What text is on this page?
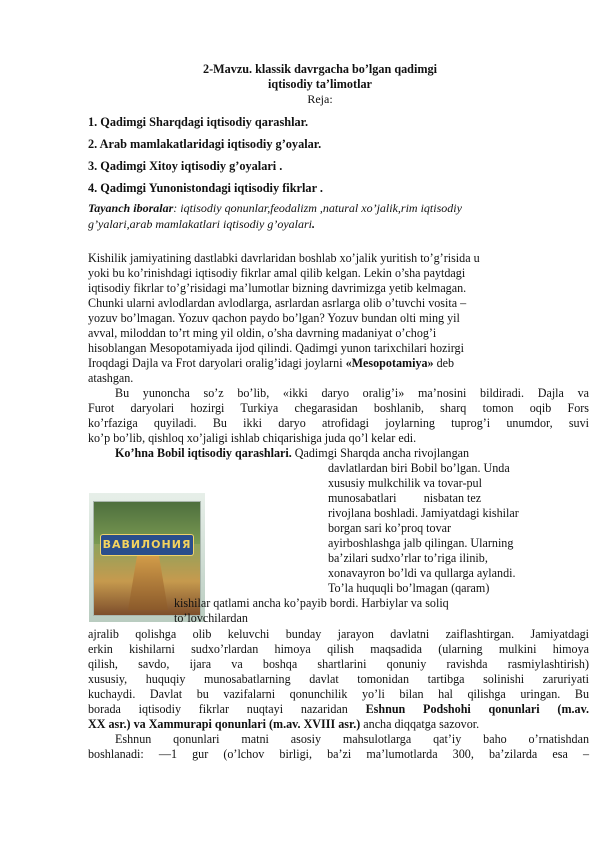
2-Mavzu. klassik davrgacha bo’lgan qadimgi
iqtisodiy ta’limotlar
Reja:
1. Qadimgi Sharqdagi iqtisodiy qarashlar.
2. Arab mamlakatlaridagi iqtisodiy g’oyalar.
3. Qadimgi Xitoy iqtisodiy g’oyalari .
4. Qadimgi Yunonistondagi iqtisodiy fikrlar .
Tayanch iboralar: iqtisodiy qonunlar,feodalizm ,natural xo’jalik,rim iqtisodiy
g’yalari,arab mamlakatlari iqtisodiy g’oyalari.
Kishilik jamiyatining dastlabki davrlaridan boshlab xo’jalik yuritish to’g’risida u
yoki bu ko’rinishdagi iqtisodiy fikrlar amal qilib kelgan. Lekin o’sha paytdagi
iqtisodiy fikrlar to’g’risidagi ma’lumotlar bizning davrimizga yetib kelmagan.
Chunki ularni avlodlardan avlodlarga, asrlardan asrlarga olib o’tuvchi vosita –
yozuv bo’lmagan. Yozuv qachon paydo bo’lgan? Yozuv bundan olti ming yil
avval, miloddan to’rt ming yil oldin, o’sha davrning madaniyat o’chog’i
hisoblangan Mesopotamiyada ijod qilindi. Qadimgi yunon tarixchilari hozirgi
Iroqdagi Dajla va Frot daryolari oralig’idagi joylarni «Mesopotamiya» deb
atashgan.
Bu yunoncha so’z bo’lib, «ikki daryo oralig’i» ma’nosini bildiradi. Dajla va
Furot daryolari hozirgi Turkiya chegarasidan boshlanib, sharq tomon oqib Fors
ko’rfaziga quyiladi. Bu ikki daryo atrofidagi joylarning tuprog’i unumdor, suvi
ko’p bo’lib, qishloq xo’jaligi ishlab chiqarishiga juda qo’l kelar edi.
Ko’hna Bobil iqtisodiy qarashlari. Qadimgi Sharqda ancha rivojlangan
ВАВИЛОНИЯ
davlatlardan biri Bobil bo’lgan. Unda
xususiy mulkchilik va tovar-pul
munosabatlari         nisbatan tez
rivojlana boshladi. Jamiyatdagi kishilar
borgan sari ko’proq tovar
ayirboshlashga jalb qilingan. Ularning
ba’zilari sudxo’rlar to’riga ilinib,
xonavayron bo’ldi va qullarga aylandi.
To’la huquqli bo’lmagan (qaram)
kishilar qatlami ancha ko’payib bordi. Harbiylar va soliq
to’lovchilardan
ajralib qolishga olib keluvchi bunday jarayon davlatni zaiflashtirgan. Jamiyatdagi
erkin kishilarni sudxo’rlardan himoya qilish maqsadida (ularning mulkini himoya
qilish, savdo, ijara va boshqa shartlarini qonuniy ravishda rasmiylashtirish)
xususiy, huquqiy munosabatlarning davlat tomonidan tartibga solinishi zaruriyati
kuchaydi. Davlat bu vazifalarni qonunchilik yo’li bilan hal qilishga uringan. Bu
borada iqtisodiy fikrlar nuqtayi nazaridan Eshnun Podshohi qonunlari (m.av.
XX asr.) va Xammurapi qonunlari (m.av. XVIII asr.) ancha diqqatga sazovor.
Eshnun qonunlari matni asosiy mahsulotlarga qat’iy baho o’rnatishdan
boshlanadi: ―1 gur (o’lchov birligi, ba’zi ma’lumotlarda 300, ba’zilarda esa –
